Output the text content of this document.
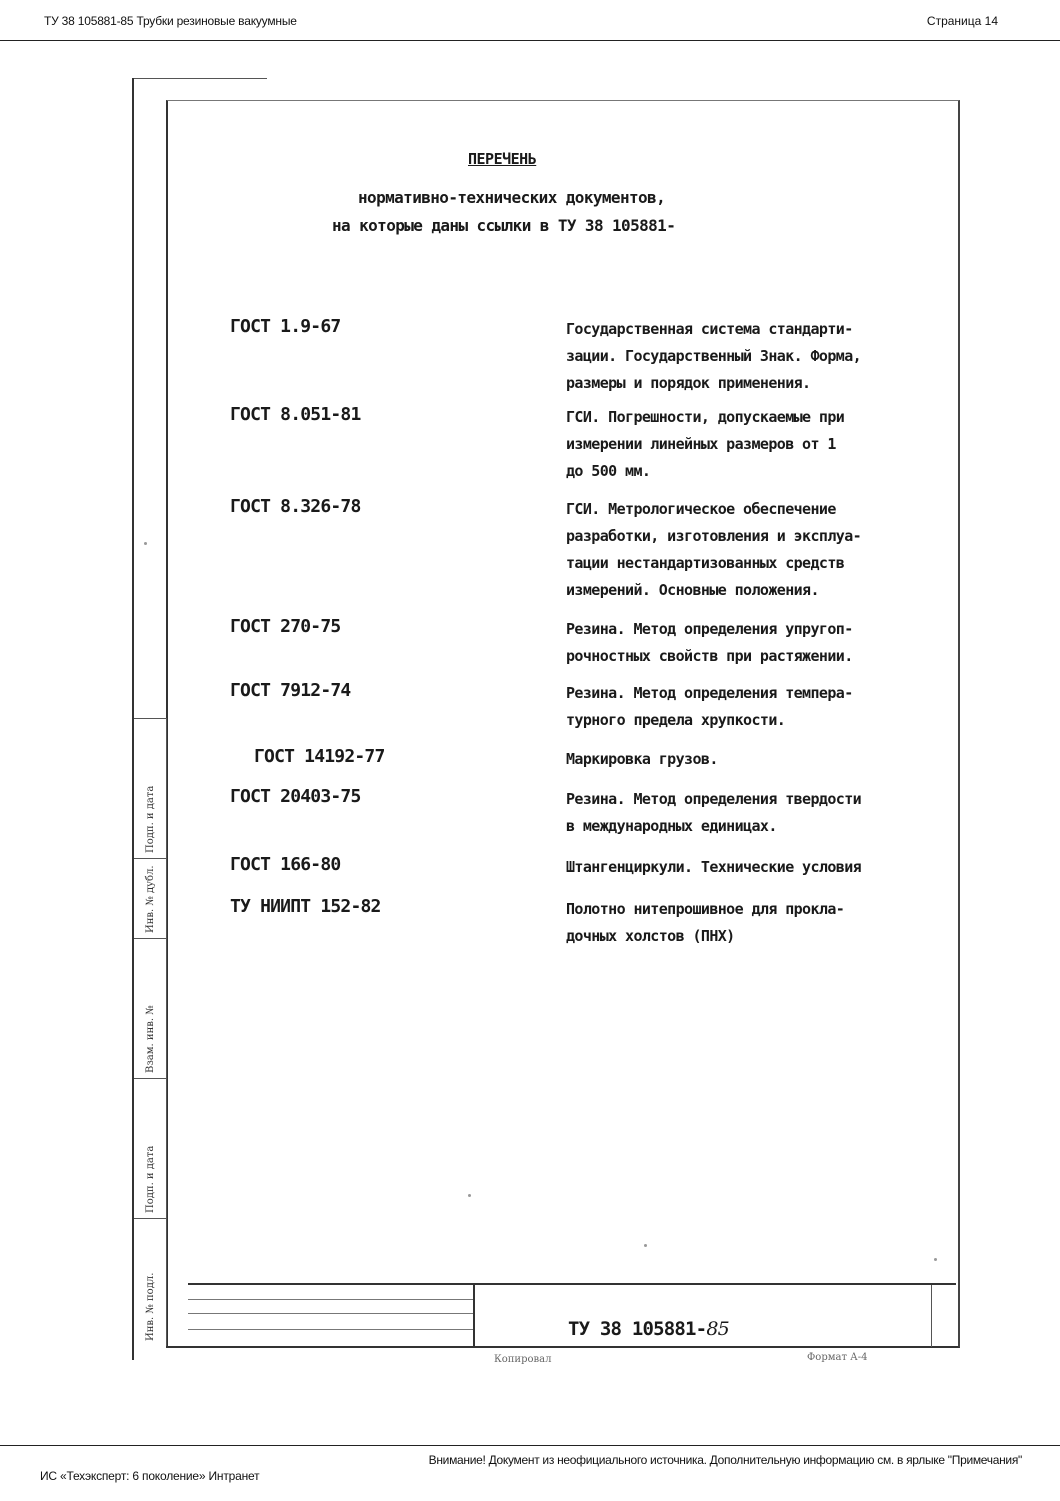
ТУ 38 105881-85 Трубки резиновые вакуумные	Страница 14
Подп. и дата
Инв. № дубл.
Взам. инв. №
Подп. и дата
Инв. № подл.
ПЕРЕЧЕНЬ
нормативно-технических документов,
на которые даны ссылки в ТУ 38 105881-
ГОСТ 1.9-67	Государственная система стандарти-
зации. Государственный Знак. Форма,
размеры и порядок применения.
ГОСТ 8.051-81	ГСИ. Погрешности, допускаемые при
измерении линейных размеров от 1
до 500 мм.
ГОСТ 8.326-78	ГСИ. Метрологическое обеспечение
разработки, изготовления и эксплуа-
тации нестандартизованных средств
измерений. Основные положения.
ГОСТ 270-75	Резина. Метод определения упругоп-
рочностных свойств при растяжении.
ГОСТ 7912-74	Резина. Метод определения темпера-
турного предела хрупкости.
ГОСТ 14192-77	Маркировка грузов.
ГОСТ 20403-75	Резина. Метод определения твердости
в международных единицах.
ГОСТ 166-80	Штангенциркули. Технические условия
ТУ НИИПТ 152-82	Полотно нитепрошивное для прокла-
дочных холстов (ПНХ)
ТУ 38 105881-85
Копировал	Формат А-4
Внимание! Документ из неофициального источника. Дополнительную информацию см. в ярлыке "Примечания"
ИС «Техэксперт: 6 поколение» Интранет
